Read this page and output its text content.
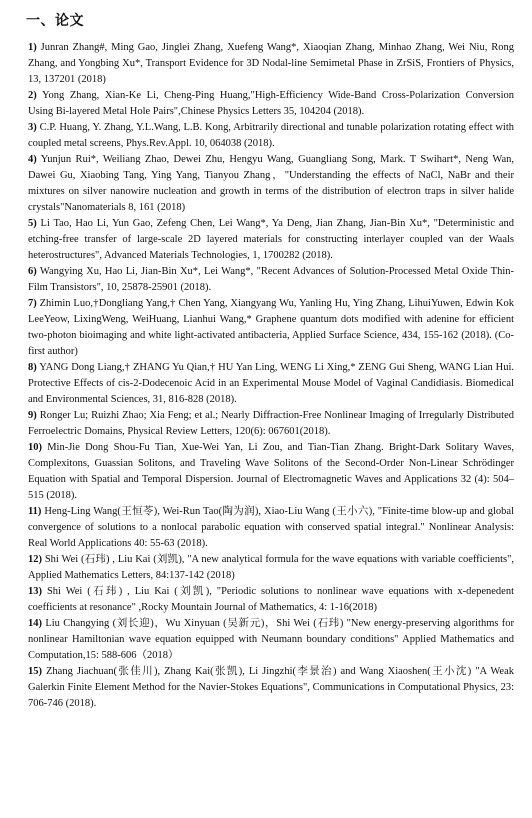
一、论文

1) Junran Zhang#, Ming Gao, Jinglei Zhang, Xuefeng Wang*, Xiaoqian Zhang, Minhao Zhang, Wei Niu, Rong Zhang, and Yongbing Xu*, Transport Evidence for 3D Nodal-line Semimetal Phase in ZrSiS, Frontiers of Physics, 13, 137201 (2018)

2) Yong Zhang, Xian-Ke Li, Cheng-Ping Huang,"High-Efficiency Wide-Band Cross-Polarization Conversion Using Bi-layered Metal Hole Pairs",Chinese Physics Letters 35, 104204 (2018).

3) C.P. Huang, Y. Zhang, Y.L.Wang, L.B. Kong, Arbitrarily directional and tunable polarization rotating effect with coupled metal screens, Phys.Rev.Appl. 10, 064038 (2018).

4) Yunjun Rui*, Weiliang Zhao, Dewei Zhu, Hengyu Wang, Guangliang Song, Mark. T Swihart*, Neng Wan, Dawei Gu, Xiaobing Tang, Ying Yang, Tianyou Zhang，"Understanding the effects of NaCl, NaBr and their mixtures on silver nanowire nucleation and growth in terms of the distribution of electron traps in silver halide crystals"Nanomaterials 8, 161 (2018)

5) Li Tao, Hao Li, Yun Gao, Zefeng Chen, Lei Wang*, Ya Deng, Jian Zhang, Jian-Bin Xu*, "Deterministic and etching-free transfer of large-scale 2D layered materials for constructing interlayer coupled van der Waals heterostructures", Advanced Materials Technologies, 1, 1700282 (2018).

6) Wangying Xu, Hao Li, Jian-Bin Xu*, Lei Wang*, "Recent Advances of Solution-Processed Metal Oxide Thin-Film Transistors", 10, 25878-25901 (2018).

7) Zhimin Luo,†Dongliang Yang,† Chen Yang, Xiangyang Wu, Yanling Hu, Ying Zhang, LihuiYuwen, Edwin Kok LeeYeow, LixingWeng, WeiHuang, Lianhui Wang,* Graphene quantum dots modified with adenine for efficient two-photon bioimaging and white light-activated antibacteria, Applied Surface Science, 434, 155-162 (2018). (Co-first author)

8) YANG Dong Liang,† ZHANG Yu Qian,† HU Yan Ling, WENG Li Xing,* ZENG Gui Sheng, WANG Lian Hui. Protective Effects of cis-2-Dodecenoic Acid in an Experimental Mouse Model of Vaginal Candidiasis. Biomedical and Environmental Sciences, 31, 816-828 (2018).

9) Ronger Lu; Ruizhi Zhao; Xia Feng; et al.; Nearly Diffraction-Free Nonlinear Imaging of Irregularly Distributed Ferroelectric Domains, Physical Review Letters, 120(6): 067601(2018).

10) Min-Jie Dong Shou-Fu Tian, Xue-Wei Yan, Li Zou, and Tian-Tian Zhang. Bright-Dark Solitary Waves, Complexitons, Guassian Solitons, and Traveling Wave Solitons of the Second-Order Non-Linear Schrödinger Equation with Spatial and Temporal Dispersion. Journal of Electromagnetic Waves and Applications 32 (4): 504–515 (2018).

11) Heng-Ling Wang(王恒苓), Wei-Run Tao(陶为润), Xiao-Liu Wang (王小六), "Finite-time blow-up and global convergence of solutions to a nonlocal parabolic equation with conserved spatial integral." Nonlinear Analysis: Real World Applications 40: 55-63 (2018).

12) Shi Wei (石玮) , Liu Kai (刘凯), "A new analytical formula for the wave equations with variable coefficients", Applied Mathematics Letters, 84:137-142 (2018)

13) Shi Wei (石玮) , Liu Kai (刘凯), "Periodic solutions to nonlinear wave equations with x-depenedent coefficients at resonance" ,Rocky Mountain Journal of Mathematics, 4: 1-16(2018)

14) Liu Changying (刘长迎)，Wu Xinyuan (吴新元)，Shi Wei (石玮) "New energy-preserving algorithms for nonlinear Hamiltonian wave equation equipped with Neumann boundary conditions" Applied Mathematics and Computation,15: 588-606（2018）

15) Zhang Jiachuan(张佳川), Zhang Kai(张凯), Li Jingzhi(李景治) and Wang Xiaoshen(王小沈) "A Weak Galerkin Finite Element Method for the Navier-Stokes Equations", Communications in Computational Physics, 23: 706-746 (2018).
